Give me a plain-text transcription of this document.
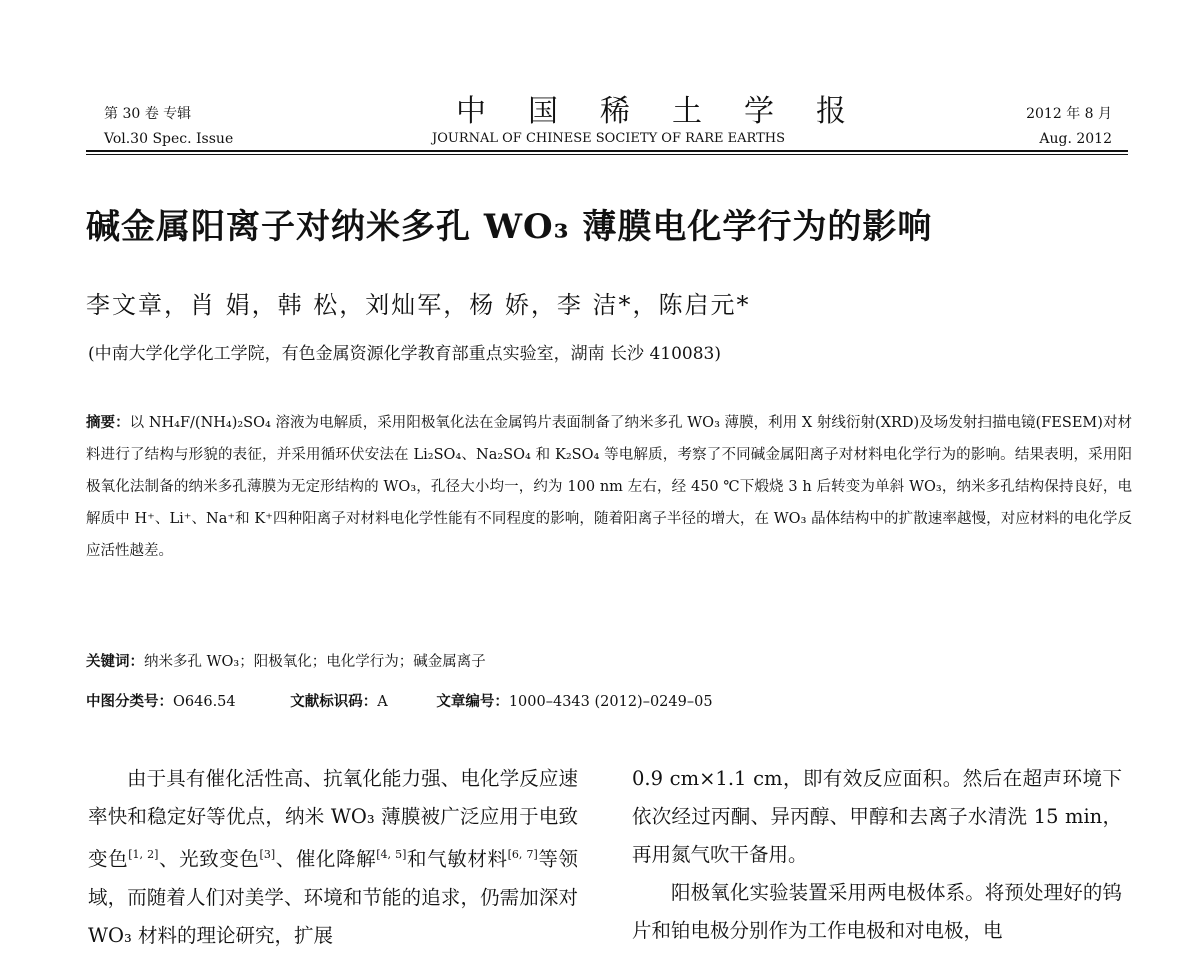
第 30 卷 专辑
Vol.30 Spec. Issue
中国稀土学报
JOURNAL OF CHINESE SOCIETY OF RARE EARTHS
2012 年 8 月
Aug. 2012
碱金属阳离子对纳米多孔 WO₃ 薄膜电化学行为的影响
李文章，肖 娟，韩 松，刘灿军，杨 娇，李 洁*，陈启元*
(中南大学化学化工学院，有色金属资源化学教育部重点实验室，湖南 长沙 410083)

摘要：以 NH₄F/(NH₄)₂SO₄ 溶液为电解质，采用阳极氧化法在金属钨片表面制备了纳米多孔 WO₃ 薄膜，利用 X 射线衍射(XRD)及场发射扫描电镜(FESEM)对材料进行了结构与形貌的表征，并采用循环伏安法在 Li₂SO₄、Na₂SO₄ 和 K₂SO₄ 等电解质，考察了不同碱金属阳离子对材料电化学行为的影响。结果表明，采用阳极氧化法制备的纳米多孔薄膜为无定形结构的 WO₃，孔径大小均一，约为 100 nm 左右，经 450 ℃下煅烧 3 h 后转变为单斜 WO₃，纳米多孔结构保持良好，电解质中 H⁺、Li⁺、Na⁺和 K⁺四种阳离子对材料电化学性能有不同程度的影响，随着阳离子半径的增大，在 WO₃ 晶体结构中的扩散速率越慢，对应材料的电化学反应活性越差。

关键词：纳米多孔 WO₃；阳极氧化；电化学行为；碱金属离子
中图分类号：O646.54	文献标识码：A	文章编号：1000–4343 (2012)–0249–05

由于具有催化活性高、抗氧化能力强、电化学反应速率快和稳定好等优点，纳米 WO₃ 薄膜被广泛应用于电致变色[1, 2]、光致变色[3]、催化降解[4, 5]和气敏材料[6, 7]等领域，而随着人们对美学、环境和节能的追求，仍需加深对 WO₃ 材料的理论研究，扩展

0.9 cm×1.1 cm，即有效反应面积。然后在超声环境下依次经过丙酮、异丙醇、甲醇和去离子水清洗 15 min，再用氮气吹干备用。

阳极氧化实验装置采用两电极体系。将预处理好的钨片和铂电极分别作为工作电极和对电极，电
